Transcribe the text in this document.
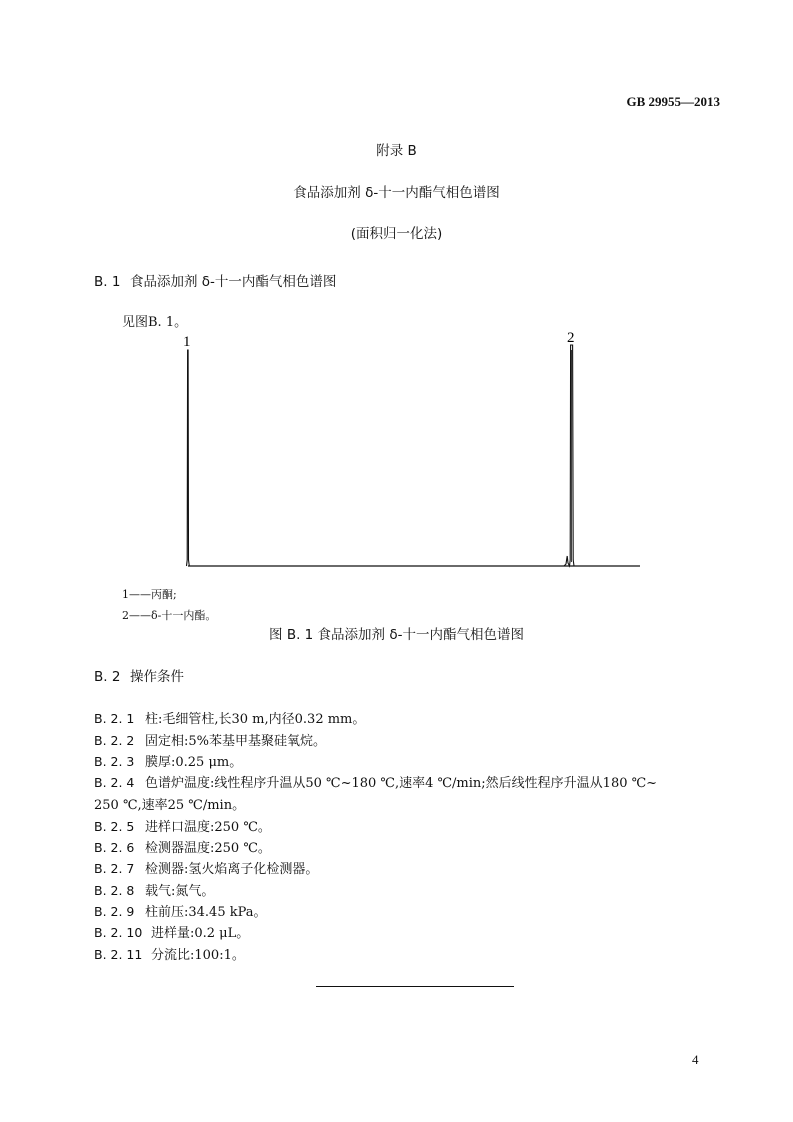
GB 29955—2013
附录 B
食品添加剂 δ-十一内酯气相色谱图
(面积归一化法)
B. 1 食品添加剂 δ-十一内酯气相色谱图
见图B. 1。
1	2
1——丙酮;
2——δ-十一内酯。
图 B. 1 食品添加剂 δ-十一内酯气相色谱图
B. 2 操作条件
B. 2. 1 柱:毛细管柱,长30 m,内径0.32 mm。
B. 2. 2 固定相:5%苯基甲基聚硅氧烷。
B. 2. 3 膜厚:0.25 μm。
B. 2. 4 色谱炉温度:线性程序升温从50 ℃~180 ℃,速率4 ℃/min;然后线性程序升温从180 ℃~
250 ℃,速率25 ℃/min。
B. 2. 5 进样口温度:250 ℃。
B. 2. 6 检测器温度:250 ℃。
B. 2. 7 检测器:氢火焰离子化检测器。
B. 2. 8 载气:氮气。
B. 2. 9 柱前压:34.45 kPa。
B. 2. 10 进样量:0.2 μL。
B. 2. 11 分流比:100:1。
4
